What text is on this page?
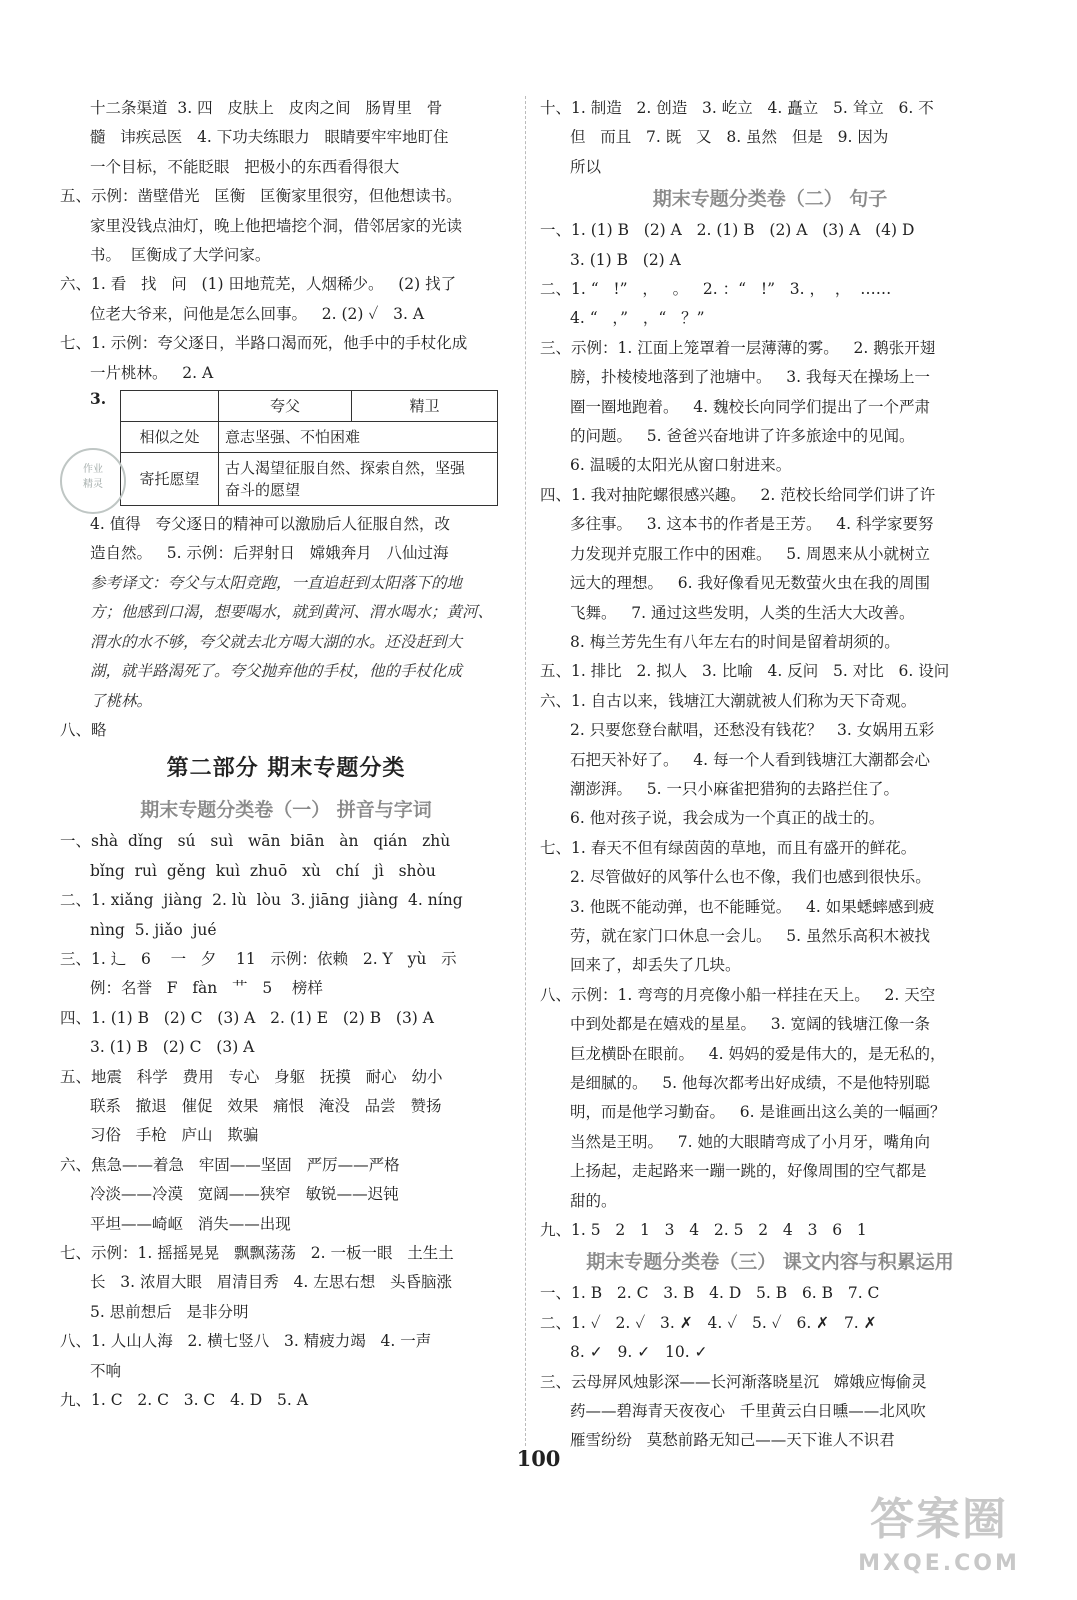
十二条渠道  3. 四   皮肤上   皮肉之间   肠胃里   骨
髓   讳疾忌医   4. 下功夫练眼力   眼睛要牢牢地盯住
一个目标，不能眨眼   把极小的东西看得很大
五、示例：凿壁借光   匡衡   匡衡家里很穷，但他想读书。
家里没钱点油灯，晚上他把墙挖个洞，借邻居家的光读
书。  匡衡成了大学问家。
六、1. 看   找   问   (1) 田地荒芜，人烟稀少。   (2) 找了
位老大爷来，问他是怎么回事。   2. (2) ✓   3. A
七、1. 示例：夸父逐日，半路口渴而死，他手中的手杖化成
一片桃林。   2. A
3.
作业
精灵
	夸父	精卫
相似之处	意志坚强、不怕困难	
寄托愿望	古人渴望征服自然、探索自然，坚强
奋斗的愿望	
4. 值得   夸父逐日的精神可以激励后人征服自然，改
造自然。   5. 示例：后羿射日   嫦娥奔月   八仙过海
参考译文：夸父与太阳竞跑，一直追赶到太阳落下的地
方；他感到口渴，想要喝水，就到黄河、渭水喝水；黄河、
渭水的水不够，夸父就去北方喝大湖的水。还没赶到大
湖，就半路渴死了。夸父抛弃他的手杖，他的手杖化成
了桃林。
八、略
第二部分 期末专题分类
期末专题分类卷（一） 拼音与字词
一、shà  dǐng   sú   suì   wān  biān   àn   qián   zhù
bǐng  ruì  gěng  kuì  zhuō   xù   chí   jì   shòu
二、1. xiǎng  jiàng  2. lù  lòu  3. jiāng  jiàng  4. níng
nìng  5. jiǎo  jué
三、1. 辶   6    一   夕    11   示例：依赖   2. Y   yù   示
例：名誉   F   fàn   艹   5    榜样
四、1. (1) B   (2) C   (3) A   2. (1) E   (2) B   (3) A
3. (1) B   (2) C   (3) A
五、地震   科学   费用   专心   身躯   抚摸   耐心   幼小
联系   撤退   催促   效果   痛恨   淹没   品尝   赞扬
习俗   手枪   庐山   欺骗
六、焦急——着急   牢固——坚固   严厉——严格
冷淡——冷漠   宽阔——狭窄   敏锐——迟钝
平坦——崎岖   消失——出现
七、示例：1. 摇摇晃晃   飘飘荡荡   2. 一板一眼   土生土
长   3. 浓眉大眼   眉清目秀   4. 左思右想   头昏脑涨
5. 思前想后   是非分明
八、1. 人山人海   2. 横七竖八   3. 精疲力竭   4. 一声
不响
九、1. C   2. C   3. C   4. D   5. A
十、1. 制造   2. 创造   3. 屹立   4. 矗立   5. 耸立   6. 不
但   而且   7. 既   又   8. 虽然   但是   9. 因为
所以
期末专题分类卷（二） 句子
一、1. (1) B   (2) A   2. (1) B   (2) A   (3) A   (4) D
3. (1) B   (2) A
二、1. “   !”   ，   。   2. ：“   !”   3. ，  ，  ……
4. “   ，”   ，“   ？”
三、示例：1. 江面上笼罩着一层薄薄的雾。   2. 鹅张开翅
膀，扑棱棱地落到了池塘中。   3. 我每天在操场上一
圈一圈地跑着。   4. 魏校长向同学们提出了一个严肃
的问题。   5. 爸爸兴奋地讲了许多旅途中的见闻。
6. 温暖的太阳光从窗口射进来。
四、1. 我对抽陀螺很感兴趣。   2. 范校长给同学们讲了许
多往事。   3. 这本书的作者是王芳。   4. 科学家要努
力发现并克服工作中的困难。   5. 周恩来从小就树立
远大的理想。   6. 我好像看见无数萤火虫在我的周围
飞舞。   7. 通过这些发明，人类的生活大大改善。
8. 梅兰芳先生有八年左右的时间是留着胡须的。
五、1. 排比   2. 拟人   3. 比喻   4. 反问   5. 对比   6. 设问
六、1. 自古以来，钱塘江大潮就被人们称为天下奇观。
2. 只要您登台献唱，还愁没有钱花？   3. 女娲用五彩
石把天补好了。   4. 每一个人看到钱塘江大潮都会心
潮澎湃。   5. 一只小麻雀把猎狗的去路拦住了。
6. 他对孩子说，我会成为一个真正的战士的。
七、1. 春天不但有绿茵茵的草地，而且有盛开的鲜花。
2. 尽管做好的风筝什么也不像，我们也感到很快乐。
3. 他既不能动弹，也不能睡觉。   4. 如果蟋蟀感到疲
劳，就在家门口休息一会儿。   5. 虽然乐高积木被找
回来了，却丢失了几块。
八、示例：1. 弯弯的月亮像小船一样挂在天上。   2. 天空
中到处都是在嬉戏的星星。   3. 宽阔的钱塘江像一条
巨龙横卧在眼前。   4. 妈妈的爱是伟大的，是无私的，
是细腻的。   5. 他每次都考出好成绩，不是他特别聪
明，而是他学习勤奋。   6. 是谁画出这么美的一幅画？
当然是王明。   7. 她的大眼睛弯成了小月牙，嘴角向
上扬起，走起路来一蹦一跳的，好像周围的空气都是
甜的。
九、1. 5   2   1   3   4   2. 5   2   4   3   6   1
期末专题分类卷（三） 课文内容与积累运用
一、1. B   2. C   3. B   4. D   5. B   6. B   7. C
二、1. ✓   2. ✓   3. ✗   4. ✓   5. ✓   6. ✗   7. ✗
8. ✓   9. ✓   10. ✓
三、云母屏风烛影深——长河渐落晓星沉   嫦娥应悔偷灵
药——碧海青天夜夜心   千里黄云白日曛——北风吹
雁雪纷纷   莫愁前路无知己——天下谁人不识君
100
答案圈
MXQE.COM
